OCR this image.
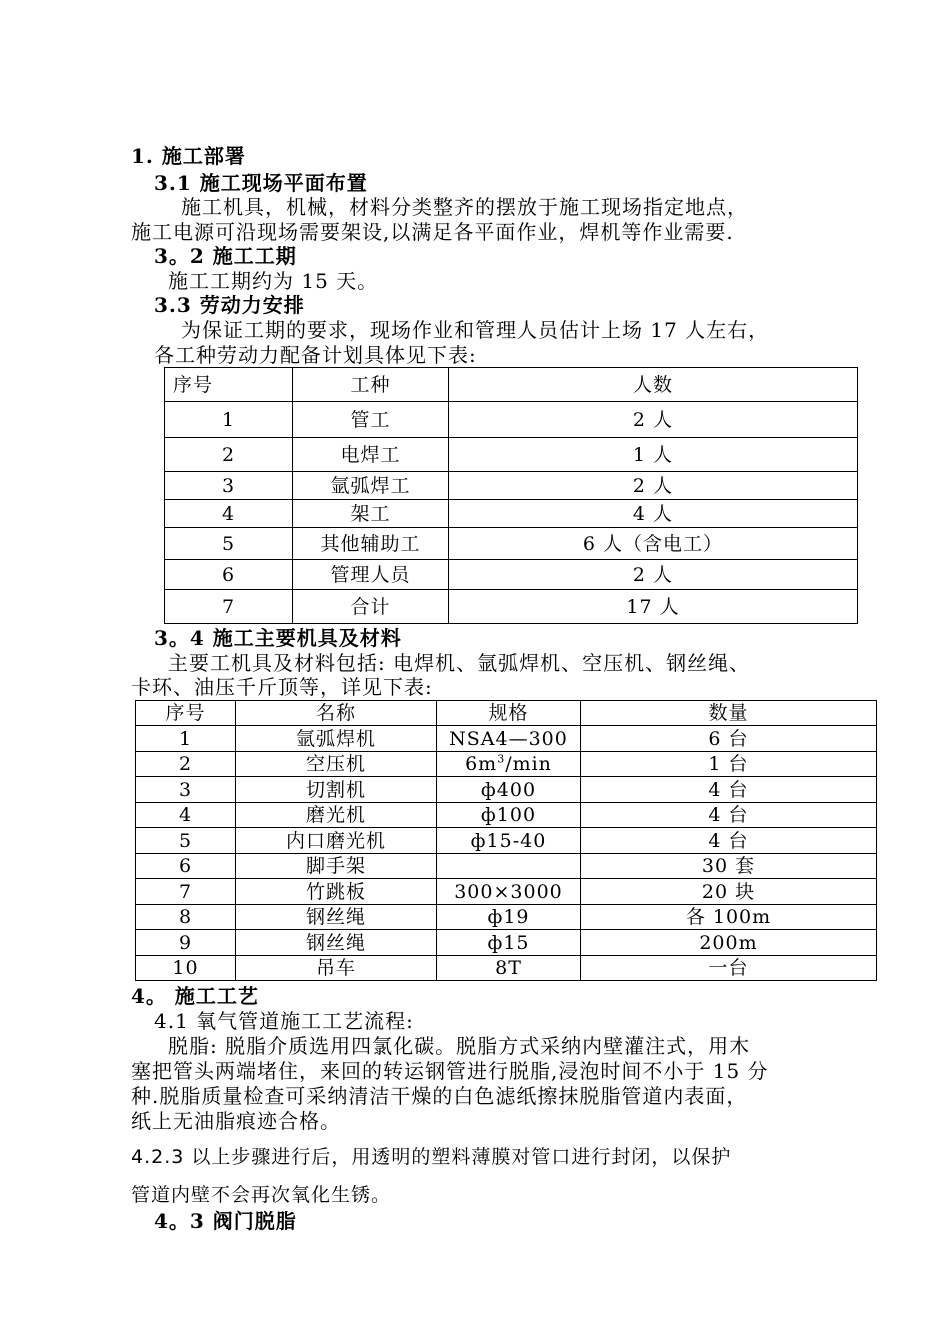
1. 施工部署
3.1 施工现场平面布置
施工机具，机械，材料分类整齐的摆放于施工现场指定地点，
施工电源可沿现场需要架设,以满足各平面作业，焊机等作业需要.
3。2 施工工期
施工工期约为 15 天。
3.3 劳动力安排
为保证工期的要求，现场作业和管理人员估计上场 17 人左右，
各工种劳动力配备计划具体见下表:
序号	工种	人数
1	管工	2 人
2	电焊工	1 人
3	氩弧焊工	2 人
4	架工	4 人
5	其他辅助工	6 人（含电工）
6	管理人员	2 人
7	合计	17 人
3。4 施工主要机具及材料
主要工机具及材料包括: 电焊机、氩弧焊机、空压机、钢丝绳、
卡环、油压千斤顶等，详见下表:
序号	名称	规格	数量
1	氩弧焊机	NSA4—300	6 台
2	空压机	$6m^3/\min$	1 台
3	切割机	ф400	4 台
4	磨光机	ф100	4 台
5	内口磨光机	ф15-40	4 台
6	脚手架		30 套
7	竹跳板	300×3000	20 块
8	钢丝绳	ф19	各 100m
9	钢丝绳	ф15	200m
10	吊车	8T	一台
4。 施工工艺
4.1 氧气管道施工工艺流程:
脱脂: 脱脂介质选用四氯化碳。脱脂方式采纳内壁灌注式，用木
塞把管头两端堵住，来回的转运钢管进行脱脂,浸泡时间不小于 15 分
种.脱脂质量检查可采纳清洁干燥的白色滤纸擦抹脱脂管道内表面，
纸上无油脂痕迹合格。
4.2.3 以上步骤进行后，用透明的塑料薄膜对管口进行封闭，以保护
管道内壁不会再次氧化生锈。
4。3 阀门脱脂
